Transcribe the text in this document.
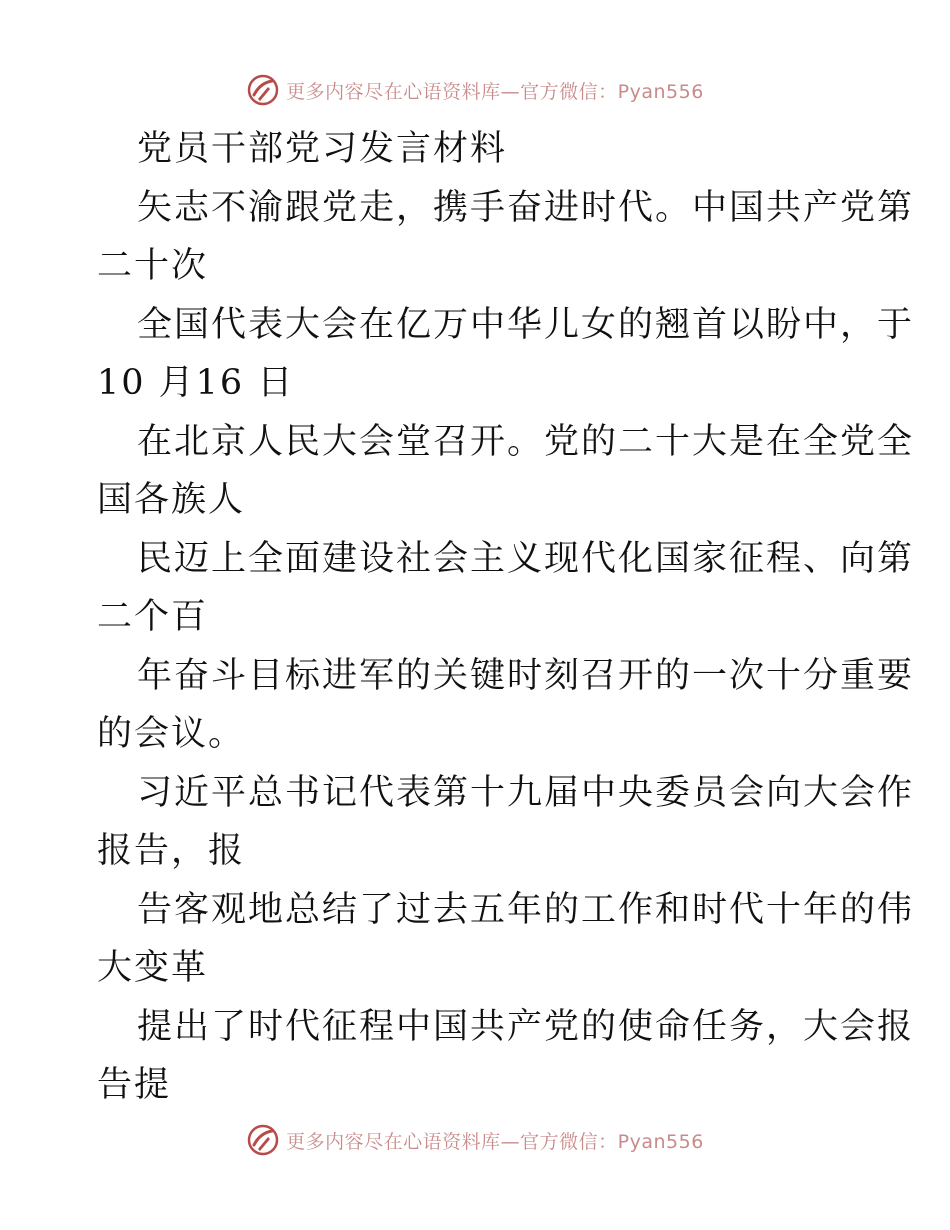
更多内容尽在心语资料库—官方微信：Pyan556
党员干部党习发言材料
矢志不渝跟党走，携手奋进时代。中国共产党第
二十次
全国代表大会在亿万中华儿女的翘首以盼中，于
10 月16 日
在北京人民大会堂召开。党的二十大是在全党全
国各族人
民迈上全面建设社会主义现代化国家征程、向第
二个百
年奋斗目标进军的关键时刻召开的一次十分重要
的会议。
习近平总书记代表第十九届中央委员会向大会作
报告，报
告客观地总结了过去五年的工作和时代十年的伟
大变革
提出了时代征程中国共产党的使命任务，大会报
告提
更多内容尽在心语资料库—官方微信：Pyan556
